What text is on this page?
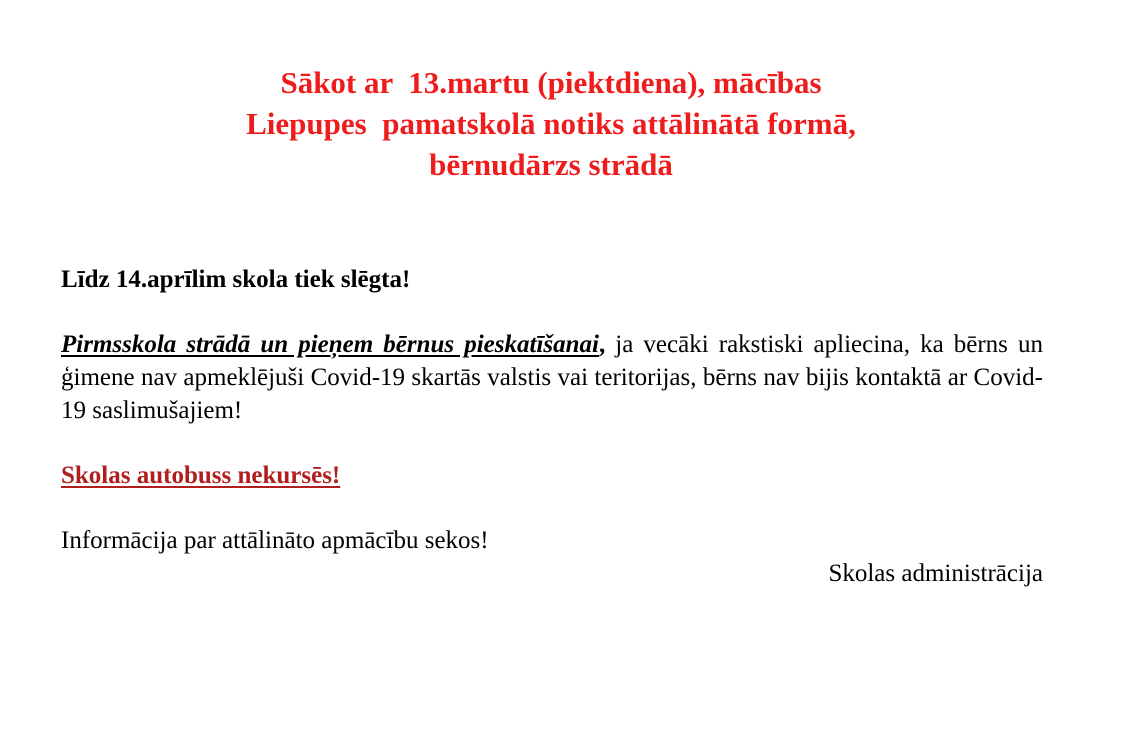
Sākot ar  13.martu (piektdiena), mācības
Liepupes  pamatskolā notiks attālinātā formā,
bērnudārzs strādā
Līdz 14.aprīlim skola tiek slēgta!
Pirmsskola strādā un pieņem bērnus pieskatīšanai, ja vecāki rakstiski apliecina, ka bērns un ģimene nav apmeklējuši Covid-19 skartās valstis vai teritorijas, bērns nav bijis kontaktā ar Covid-19 saslimušajiem!
Skolas autobuss nekursēs!
Informācija par attālināto apmācību sekos!
Skolas administrācija
